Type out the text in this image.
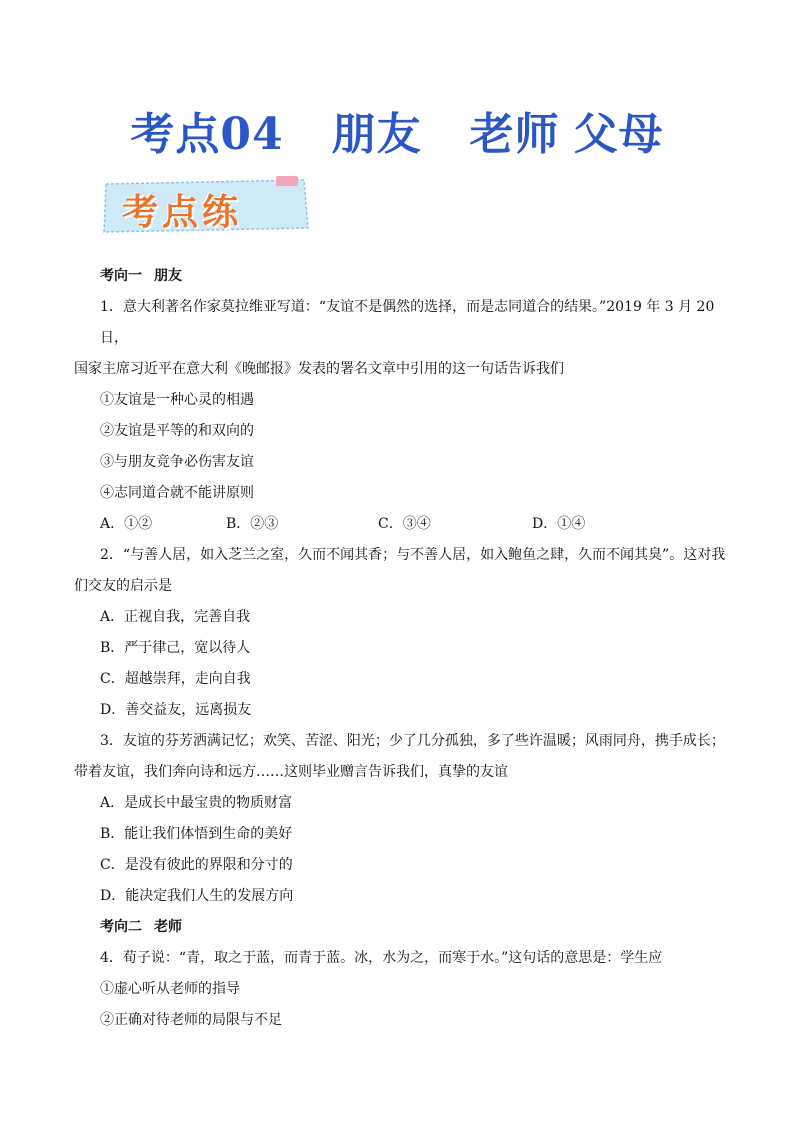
考点04 朋友 老师 父母
考点练

考向一 朋友

1．意大利著名作家莫拉维亚写道：“友谊不是偶然的选择，而是志同道合的结果。”2019 年 3 月 20 日，

国家主席习近平在意大利《晚邮报》发表的署名文章中引用的这一句话告诉我们

①友谊是一种心灵的相遇

②友谊是平等的和双向的

③与朋友竞争必伤害友谊

④志同道合就不能讲原则

A．①②	B．②③	C．③④	D．①④

2．“与善人居，如入芝兰之室，久而不闻其香；与不善人居，如入鲍鱼之肆，久而不闻其臭”。这对我

们交友的启示是

A．正视自我，完善自我

B．严于律己，宽以待人

C．超越崇拜，走向自我

D．善交益友，远离损友

3．友谊的芬芳洒满记忆；欢笑、苦涩、阳光；少了几分孤独，多了些许温暖；风雨同舟，携手成长；

带着友谊，我们奔向诗和远方……这则毕业赠言告诉我们，真挚的友谊

A．是成长中最宝贵的物质财富

B．能让我们体悟到生命的美好

C．是没有彼此的界限和分寸的

D．能决定我们人生的发展方向

考向二 老师

4．荀子说：“青，取之于蓝，而青于蓝。冰，水为之，而寒于水。”这句话的意思是：学生应

①虚心听从老师的指导

②正确对待老师的局限与不足
